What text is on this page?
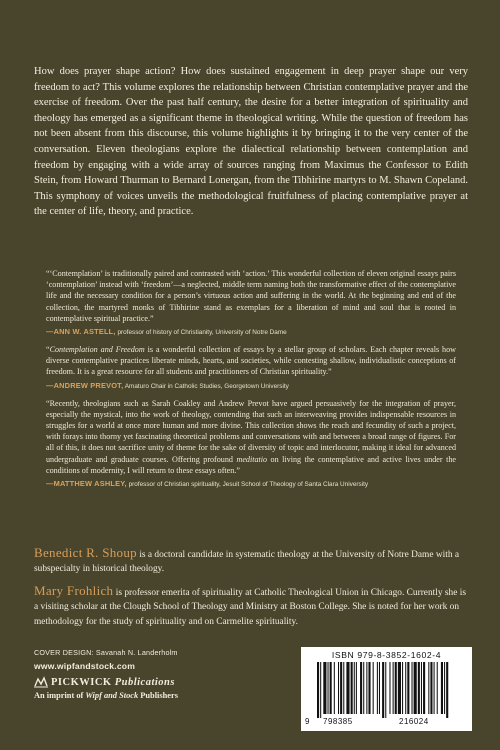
How does prayer shape action? How does sustained engagement in deep prayer shape our very freedom to act? This volume explores the relationship between Christian contemplative prayer and the exercise of freedom. Over the past half century, the desire for a better integration of spirituality and theology has emerged as a significant theme in theological writing. While the question of freedom has not been absent from this discourse, this volume highlights it by bringing it to the very center of the conversation. Eleven theologians explore the dialectical relationship between contemplation and freedom by engaging with a wide array of sources ranging from Maximus the Confessor to Edith Stein, from Howard Thurman to Bernard Lonergan, from the Tibhirine martyrs to M. Shawn Copeland. This symphony of voices unveils the methodological fruitfulness of placing contemplative prayer at the center of life, theory, and practice.

“‘Contemplation’ is traditionally paired and contrasted with ‘action.’ This wonderful collection of eleven original essays pairs ‘contemplation’ instead with ‘freedom’—a neglected, middle term naming both the transformative effect of the contemplative life and the necessary condition for a person’s virtuous action and suffering in the world. At the beginning and end of the collection, the martyred monks of Tibhirine stand as exemplars for a liberation of mind and soul that is rooted in contemplative spiritual practice.”

—ANN W. ASTELL, professor of history of Christianity, University of Notre Dame

“Contemplation and Freedom is a wonderful collection of essays by a stellar group of scholars. Each chapter reveals how diverse contemplative practices liberate minds, hearts, and societies, while contesting shallow, individualistic conceptions of freedom. It is a great resource for all students and practitioners of Christian spirituality.”

—ANDREW PREVOT, Amaturo Chair in Catholic Studies, Georgetown University

“Recently, theologians such as Sarah Coakley and Andrew Prevot have argued persuasively for the integration of prayer, especially the mystical, into the work of theology, contending that such an interweaving provides indispensable resources in struggles for a world at once more human and more divine. This collection shows the reach and fecundity of such a project, with forays into thorny yet fascinating theoretical problems and conversations with and between a broad range of figures. For all of this, it does not sacrifice unity of theme for the sake of diversity of topic and interlocutor, making it ideal for advanced undergraduate and graduate courses. Offering profound meditatio on living the contemplative and active lives under the conditions of modernity, I will return to these essays often.”

—MATTHEW ASHLEY, professor of Christian spirituality, Jesuit School of Theology of Santa Clara University

Benedict R. Shoup is a doctoral candidate in systematic theology at the University of Notre Dame with a subspecialty in historical theology.

Mary Frohlich is professor emerita of spirituality at Catholic Theological Union in Chicago. Currently she is a visiting scholar at the Clough School of Theology and Ministry at Boston College. She is noted for her work on methodology for the study of spirituality and on Carmelite spirituality.

COVER DESIGN: Savanah N. Landerholm
www.wipfandstock.com
PICKWICK Publications
An imprint of Wipf and Stock Publishers
ISBN 979-8-3852-1602-4
9 798385	216024
